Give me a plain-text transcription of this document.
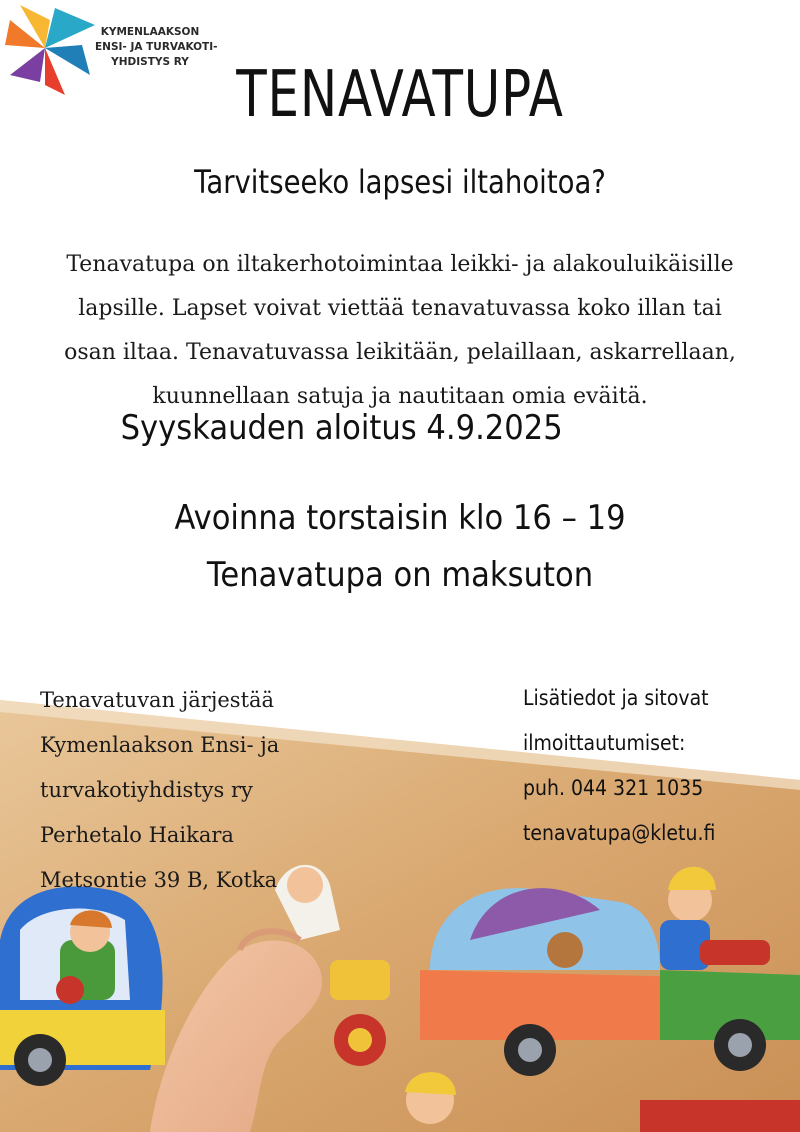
KYMENLAAKSON
ENSI- JA TURVAKOTI-
YHDISTYS RY TENAVATUPA
Tarvitseeko lapsesi iltahoitoa?
Tenavatupa on iltakerhotoimintaa leikki- ja alakouluikäisille
lapsille. Lapset voivat viettää tenavatuvassa koko illan tai
osan iltaa. Tenavatuvassa leikitään, pelaillaan, askarrellaan,
kuunnellaan satuja ja nautitaan omia eväitä.
Syyskauden aloitus 4.9.2025
Avoinna torstaisin klo 16 – 19
Tenavatupa on maksuton
Tenavatuvan järjestää
Kymenlaakson Ensi- ja
turvakotiyhdistys ry
Perhetalo Haikara
Metsontie 39 B, Kotka
Lisätiedot ja sitovat
ilmoittautumiset:
puh. 044 321 1035
tenavatupa@kletu.fi
